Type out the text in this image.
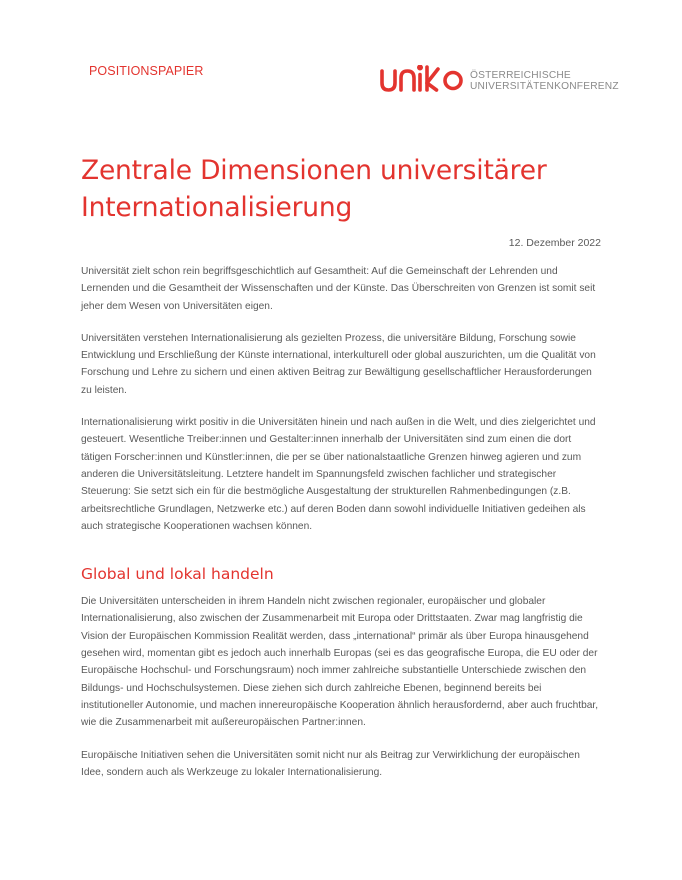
POSITIONSPAPIER	ÖSTERREICHISCHE
UNIVERSITÄTENKONFERENZ
Zentrale Dimensionen universitärer Internationalisierung
12. Dezember 2022

Universität zielt schon rein begriffsgeschichtlich auf Gesamtheit: Auf die Gemeinschaft der Lehrenden und Lernenden und die Gesamtheit der Wissenschaften und der Künste. Das Überschreiten von Grenzen ist somit seit jeher dem Wesen von Universitäten eigen.

Universitäten verstehen Internationalisierung als gezielten Prozess, die universitäre Bildung, Forschung sowie Entwicklung und Erschließung der Künste international, interkulturell oder global auszurichten, um die Qualität von Forschung und Lehre zu sichern und einen aktiven Beitrag zur Bewältigung gesellschaftlicher Herausforderungen zu leisten.

Internationalisierung wirkt positiv in die Universitäten hinein und nach außen in die Welt, und dies zielgerichtet und gesteuert. Wesentliche Treiber:innen und Gestalter:innen innerhalb der Universitäten sind zum einen die dort tätigen Forscher:innen und Künstler:innen, die per se über nationalstaatliche Grenzen hinweg agieren und zum anderen die Universitätsleitung. Letztere handelt im Spannungsfeld zwischen fachlicher und strategischer Steuerung: Sie setzt sich ein für die bestmögliche Ausgestaltung der strukturellen Rahmenbedingungen (z.B. arbeitsrechtliche Grundlagen, Netzwerke etc.) auf deren Boden dann sowohl individuelle Initiativen gedeihen als auch strategische Kooperationen wachsen können.

Global und lokal handeln

Die Universitäten unterscheiden in ihrem Handeln nicht zwischen regionaler, europäischer und globaler Internationalisierung, also zwischen der Zusammenarbeit mit Europa oder Drittstaaten. Zwar mag langfristig die Vision der Europäischen Kommission Realität werden, dass „international“ primär als über Europa hinausgehend gesehen wird, momentan gibt es jedoch auch innerhalb Europas (sei es das geografische Europa, die EU oder der Europäische Hochschul- und Forschungsraum) noch immer zahlreiche substantielle Unterschiede zwischen den Bildungs- und Hochschulsystemen. Diese ziehen sich durch zahlreiche Ebenen, beginnend bereits bei institutioneller Autonomie, und machen innereuropäische Kooperation ähnlich herausfordernd, aber auch fruchtbar, wie die Zusammenarbeit mit außereuropäischen Partner:innen.

Europäische Initiativen sehen die Universitäten somit nicht nur als Beitrag zur Verwirklichung der europäischen Idee, sondern auch als Werkzeuge zu lokaler Internationalisierung.
